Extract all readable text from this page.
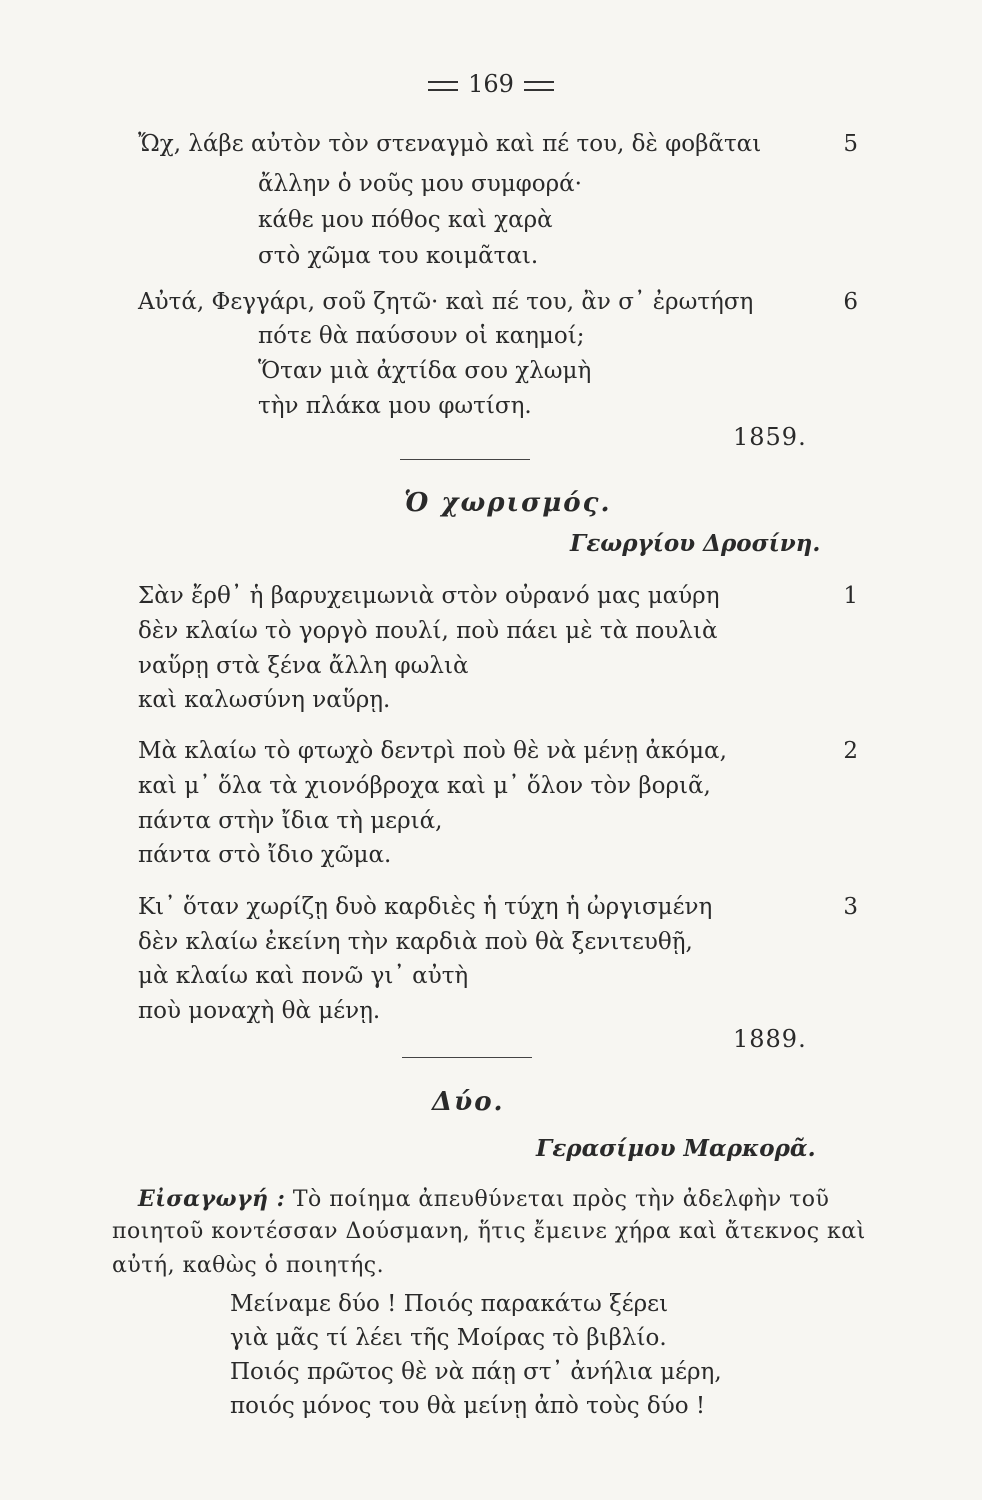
169
Ὤχ, λάβε αὐτὸν τὸν στεναγμὸ καὶ πέ του, δὲ φοβᾶται	5
ἄλλην ὁ νοῦς μου συμφορά·
κάθε μου πόθος καὶ χαρὰ
στὸ χῶμα του κοιμᾶται.
Αὐτά, Φεγγάρι, σοῦ ζητῶ· καὶ πέ του, ἂν σ᾿ ἐρωτήση	6
πότε θὰ παύσουν οἱ καημοί;
Ὅταν μιὰ ἀχτίδα σου χλωμὴ
τὴν πλάκα μου φωτίση.
1859.
Ὁ χωρισμός.
Γεωργίου Δροσίνη.
Σὰν ἔρθ᾿ ἡ βαρυχειμωνιὰ στὸν οὐρανό μας μαύρη	1
δὲν κλαίω τὸ γοργὸ πουλί, ποὺ πάει μὲ τὰ πουλιὰ
ναὕρῃ στὰ ξένα ἄλλη φωλιὰ
καὶ καλωσύνη ναὕρῃ.
Μὰ κλαίω τὸ φτωχὸ δεντρὶ ποὺ θὲ νὰ μένῃ ἀκόμα,	2
καὶ μ᾿ ὅλα τὰ χιονόβροχα καὶ μ᾿ ὅλον τὸν βοριᾶ,
πάντα στὴν ἴδια τὴ μεριά,
πάντα στὸ ἴδιο χῶμα.
Κι᾿ ὅταν χωρίζῃ δυὸ καρδιὲς ἡ τύχη ἡ ὠργισμένη	3
δὲν κλαίω ἐκείνη τὴν καρδιὰ ποὺ θὰ ξενιτευθῇ,
μὰ κλαίω καὶ πονῶ γι᾿ αὐτὴ
ποὺ μοναχὴ θὰ μένῃ.
1889.
Δύο.
Γερασίμου Μαρκορᾶ.
Εἰσαγωγή : Τὸ ποίημα ἀπευθύνεται πρὸς τὴν ἀδελφὴν τοῦ
ποιητοῦ κοντέσσαν Δούσμανη, ἥτις ἔμεινε χήρα καὶ ἄτεκνος καὶ
αὐτή, καθὼς ὁ ποιητής.
Μείναμε δύο ! Ποιός παρακάτω ξέρει
γιὰ μᾶς τί λέει τῆς Μοίρας τὸ βιβλίο.
Ποιός πρῶτος θὲ νὰ πάῃ στ᾿ ἀνήλια μέρη,
ποιός μόνος του θὰ μείνῃ ἀπὸ τοὺς δύο !
